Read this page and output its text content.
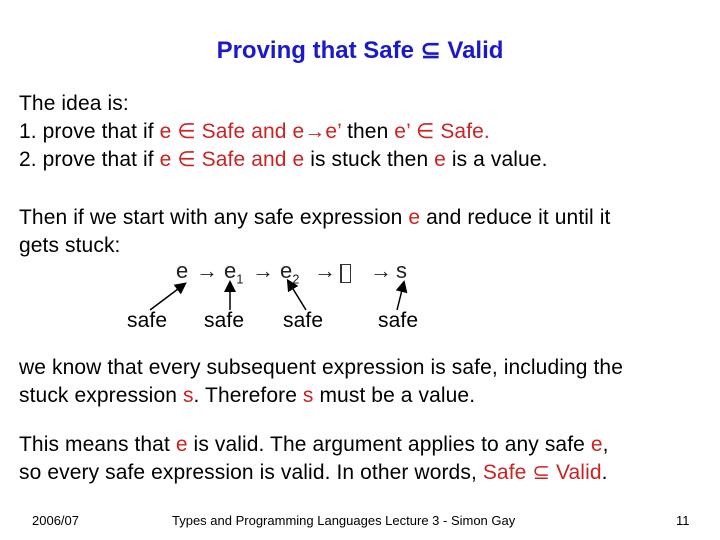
Proving that Safe ⊆ Valid
The idea is:
1. prove that if e ∈ Safe and e→e’ then e’ ∈ Safe.
2. prove that if e ∈ Safe and e is stuck then e is a value.
Then if we start with any safe expression e and reduce it until it
gets stuck:
$e \to e_1 \to e_2$ → → s
safe safe safe	safe
we know that every subsequent expression is safe, including the
stuck expression s. Therefore s must be a value.
This means that e is valid. The argument applies to any safe e,
so every safe expression is valid. In other words, Safe ⊆ Valid.
2006/07	Types and Programming Languages Lecture 3 - Simon Gay	11
